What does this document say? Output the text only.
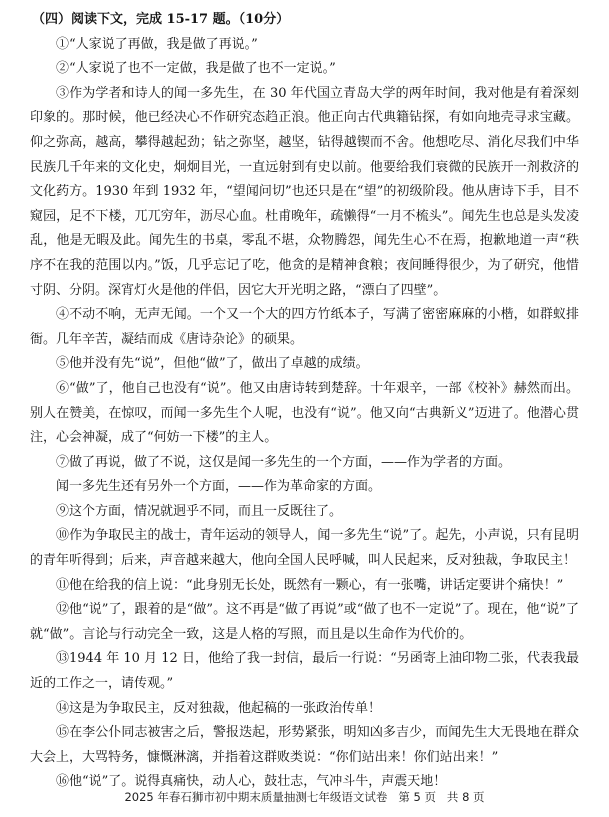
（四）阅读下文，完成 15-17 题。（10分）
①“人家说了再做，我是做了再说。”
②“人家说了也不一定做，我是做了也不一定说。”
③作为学者和诗人的闻一多先生，在 30 年代国立青岛大学的两年时间，我对他是有着深刻印象的。那时候，他已经决心不作研究态趋正浪。他正向古代典籍钻探，有如向地壳寻求宝藏。仰之弥高，越高，攀得越起劲；钻之弥坚，越坚，钻得越锲而不舍。他想吃尽、消化尽我们中华民族几千年来的文化史，炯炯目光，一直远射到有史以前。他要给我们衰微的民族开一剂救济的文化药方。1930 年到 1932 年，“望闻问切”也还只是在“望”的初级阶段。他从唐诗下手，目不窥园，足不下楼，兀兀穷年，沥尽心血。杜甫晚年，疏懒得“一月不梳头”。闻先生也总是头发凌乱，他是无暇及此。闻先生的书桌，零乱不堪，众物腾怨，闻先生心不在焉，抱歉地道一声“秩序不在我的范围以内。”饭，几乎忘记了吃，他贪的是精神食粮；夜间睡得很少，为了研究，他惜寸阴、分阴。深宵灯火是他的伴侣，因它大开光明之路，“漂白了四壁”。
④不动不响，无声无闻。一个又一个大的四方竹纸本子，写满了密密麻麻的小楷，如群蚁排衙。几年辛苦，凝结而成《唐诗杂论》的硕果。
⑤他并没有先“说”，但他“做”了，做出了卓越的成绩。
⑥“做”了，他自己也没有“说”。他又由唐诗转到楚辞。十年艰辛，一部《校补》赫然而出。别人在赞美，在惊叹，而闻一多先生个人呢，也没有“说”。他又向“古典新义”迈进了。他潜心贯注，心会神凝，成了“何妨一下楼”的主人。
⑦做了再说，做了不说，这仅是闻一多先生的一个方面，——作为学者的方面。
闻一多先生还有另外一个方面，——作为革命家的方面。
⑨这个方面，情况就迥乎不同，而且一反既往了。
⑩作为争取民主的战士，青年运动的领导人，闻一多先生“说”了。起先，小声说，只有昆明的青年听得到；后来，声音越来越大，他向全国人民呼喊，叫人民起来，反对独裁，争取民主！
⑪他在给我的信上说：“此身别无长处，既然有一颗心，有一张嘴，讲话定要讲个痛快！”
⑫他“说”了，跟着的是“做”。这不再是“做了再说”或“做了也不一定说”了。现在，他“说”了就“做”。言论与行动完全一致，这是人格的写照，而且是以生命作为代价的。
⑬1944 年 10 月 12 日，他给了我一封信，最后一行说：“另函寄上油印物二张，代表我最近的工作之一，请传观。”
⑭这是为争取民主，反对独裁，他起稿的一张政治传单！
⑮在李公仆同志被害之后，警报迭起，形势紧张，明知凶多吉少，而闻先生大无畏地在群众大会上，大骂特务，慷慨淋漓，并指着这群败类说：“你们站出来！你们站出来！”
⑯他“说”了。说得真痛快，动人心，鼓壮志，气冲斗牛，声震天地！
2025 年春石狮市初中期末质量抽测七年级语文试卷   第 5 页   共 8 页
